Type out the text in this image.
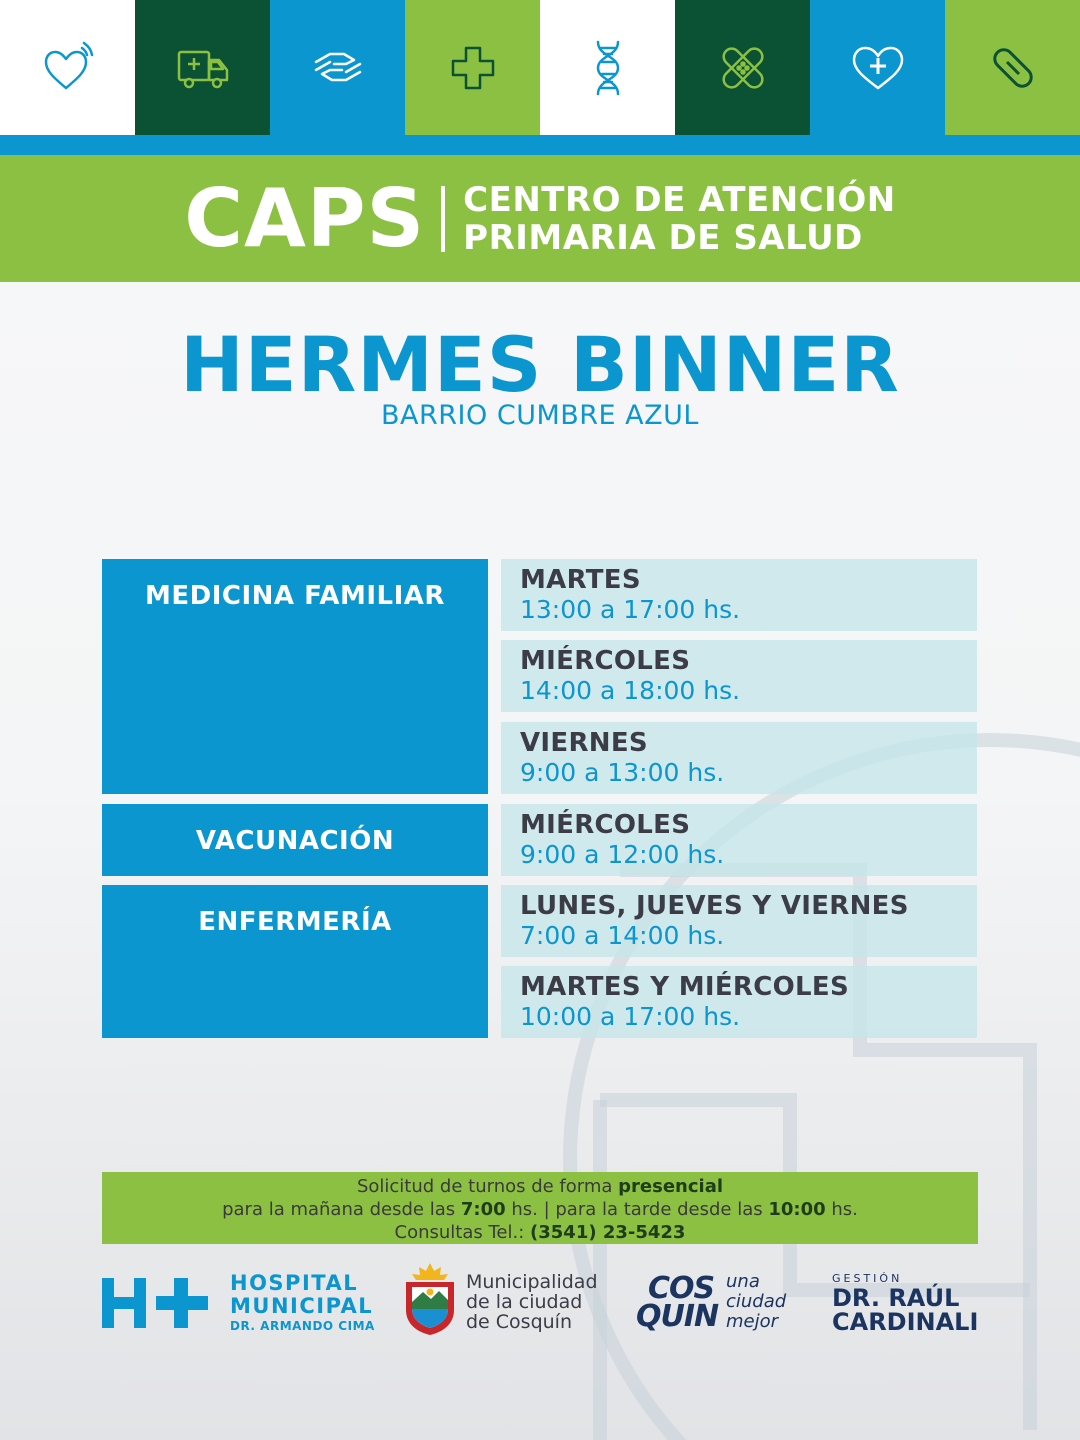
CAPS CENTRO DE ATENCIÓN
PRIMARIA DE SALUD
HERMES BINNER
BARRIO CUMBRE AZUL
MEDICINA FAMILIAR
VACUNACIÓN
ENFERMERÍA
MARTES
13:00 a 17:00 hs.
MIÉRCOLES
14:00 a 18:00 hs.
VIERNES
9:00 a 13:00 hs.
MIÉRCOLES
9:00 a 12:00 hs.
LUNES, JUEVES Y VIERNES
7:00 a 14:00 hs.
MARTES Y MIÉRCOLES
10:00 a 17:00 hs.
Solicitud de turnos de forma presencial
para la mañana desde las 7:00 hs. | para la tarde desde las 10:00 hs.
Consultas Tel.: (3541) 23-5423
HOSPITAL
MUNICIPAL
DR. ARMANDO CIMA
Municipalidad
de la ciudad
de Cosquín
COS
QUIN
una
ciudad
mejor
GESTIÓN
DR. RAÚL
CARDINALI
